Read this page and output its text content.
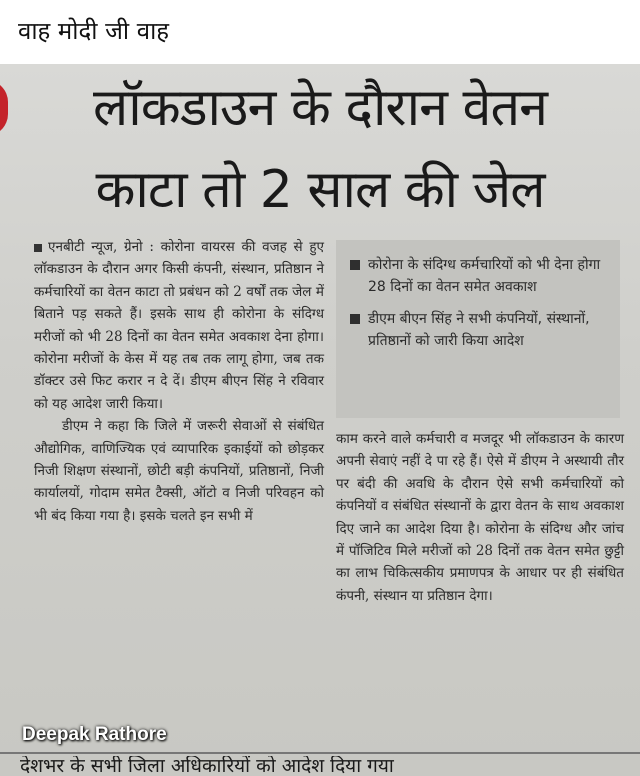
वाह मोदी जी वाह
लॉकडाउन के दौरान वेतन
काटा तो 2 साल की जेल

एनबीटी न्यूज, ग्रेनो : कोरोना वायरस की वजह से हुए लॉकडाउन के दौरान अगर किसी कंपनी, संस्थान, प्रतिष्ठान ने कर्मचारियों का वेतन काटा तो प्रबंधन को 2 वर्षों तक जेल में बिताने पड़ सकते हैं। इसके साथ ही कोरोना के संदिग्ध मरीजों को भी 28 दिनों का वेतन समेत अवकाश देना होगा। कोरोना मरीजों के केस में यह तब तक लागू होगा, जब तक डॉक्टर उसे फिट करार न दे दें। डीएम बीएन सिंह ने रविवार को यह आदेश जारी किया।

डीएम ने कहा कि जिले में जरूरी सेवाओं से संबंधित औद्योगिक, वाणिज्यिक एवं व्यापारिक इकाईयों को छोड़कर निजी शिक्षण संस्थानों, छोटी बड़ी कंपनियों, प्रतिष्ठानों, निजी कार्यालयों, गोदाम समेत टैक्सी, ऑटो व निजी परिवहन को भी बंद किया गया है। इसके चलते इन सभी में

कोरोना के संदिग्ध कर्मचारियों को भी देना होगा 28 दिनों का वेतन समेत अवकाश
डीएम बीएन सिंह ने सभी कंपनियों, संस्थानों, प्रतिष्ठानों को जारी किया आदेश

काम करने वाले कर्मचारी व मजदूर भी लॉकडाउन के कारण अपनी सेवाएं नहीं दे पा रहे हैं। ऐसे में डीएम ने अस्थायी तौर पर बंदी की अवधि के दौरान ऐसे सभी कर्मचारियों को कंपनियों व संबंधित संस्थानों के द्वारा वेतन के साथ अवकाश दिए जाने का आदेश दिया है। कोरोना के संदिग्ध और जांच में पॉजिटिव मिले मरीजों को 28 दिनों तक वेतन समेत छुट्टी का लाभ चिकित्सकीय प्रमाणपत्र के आधार पर ही संबंधित कंपनी, संस्थान या प्रतिष्ठान देगा।

देशभर के सभी जिला अधिकारियों को आदेश दिया गया
Deepak Rathore
